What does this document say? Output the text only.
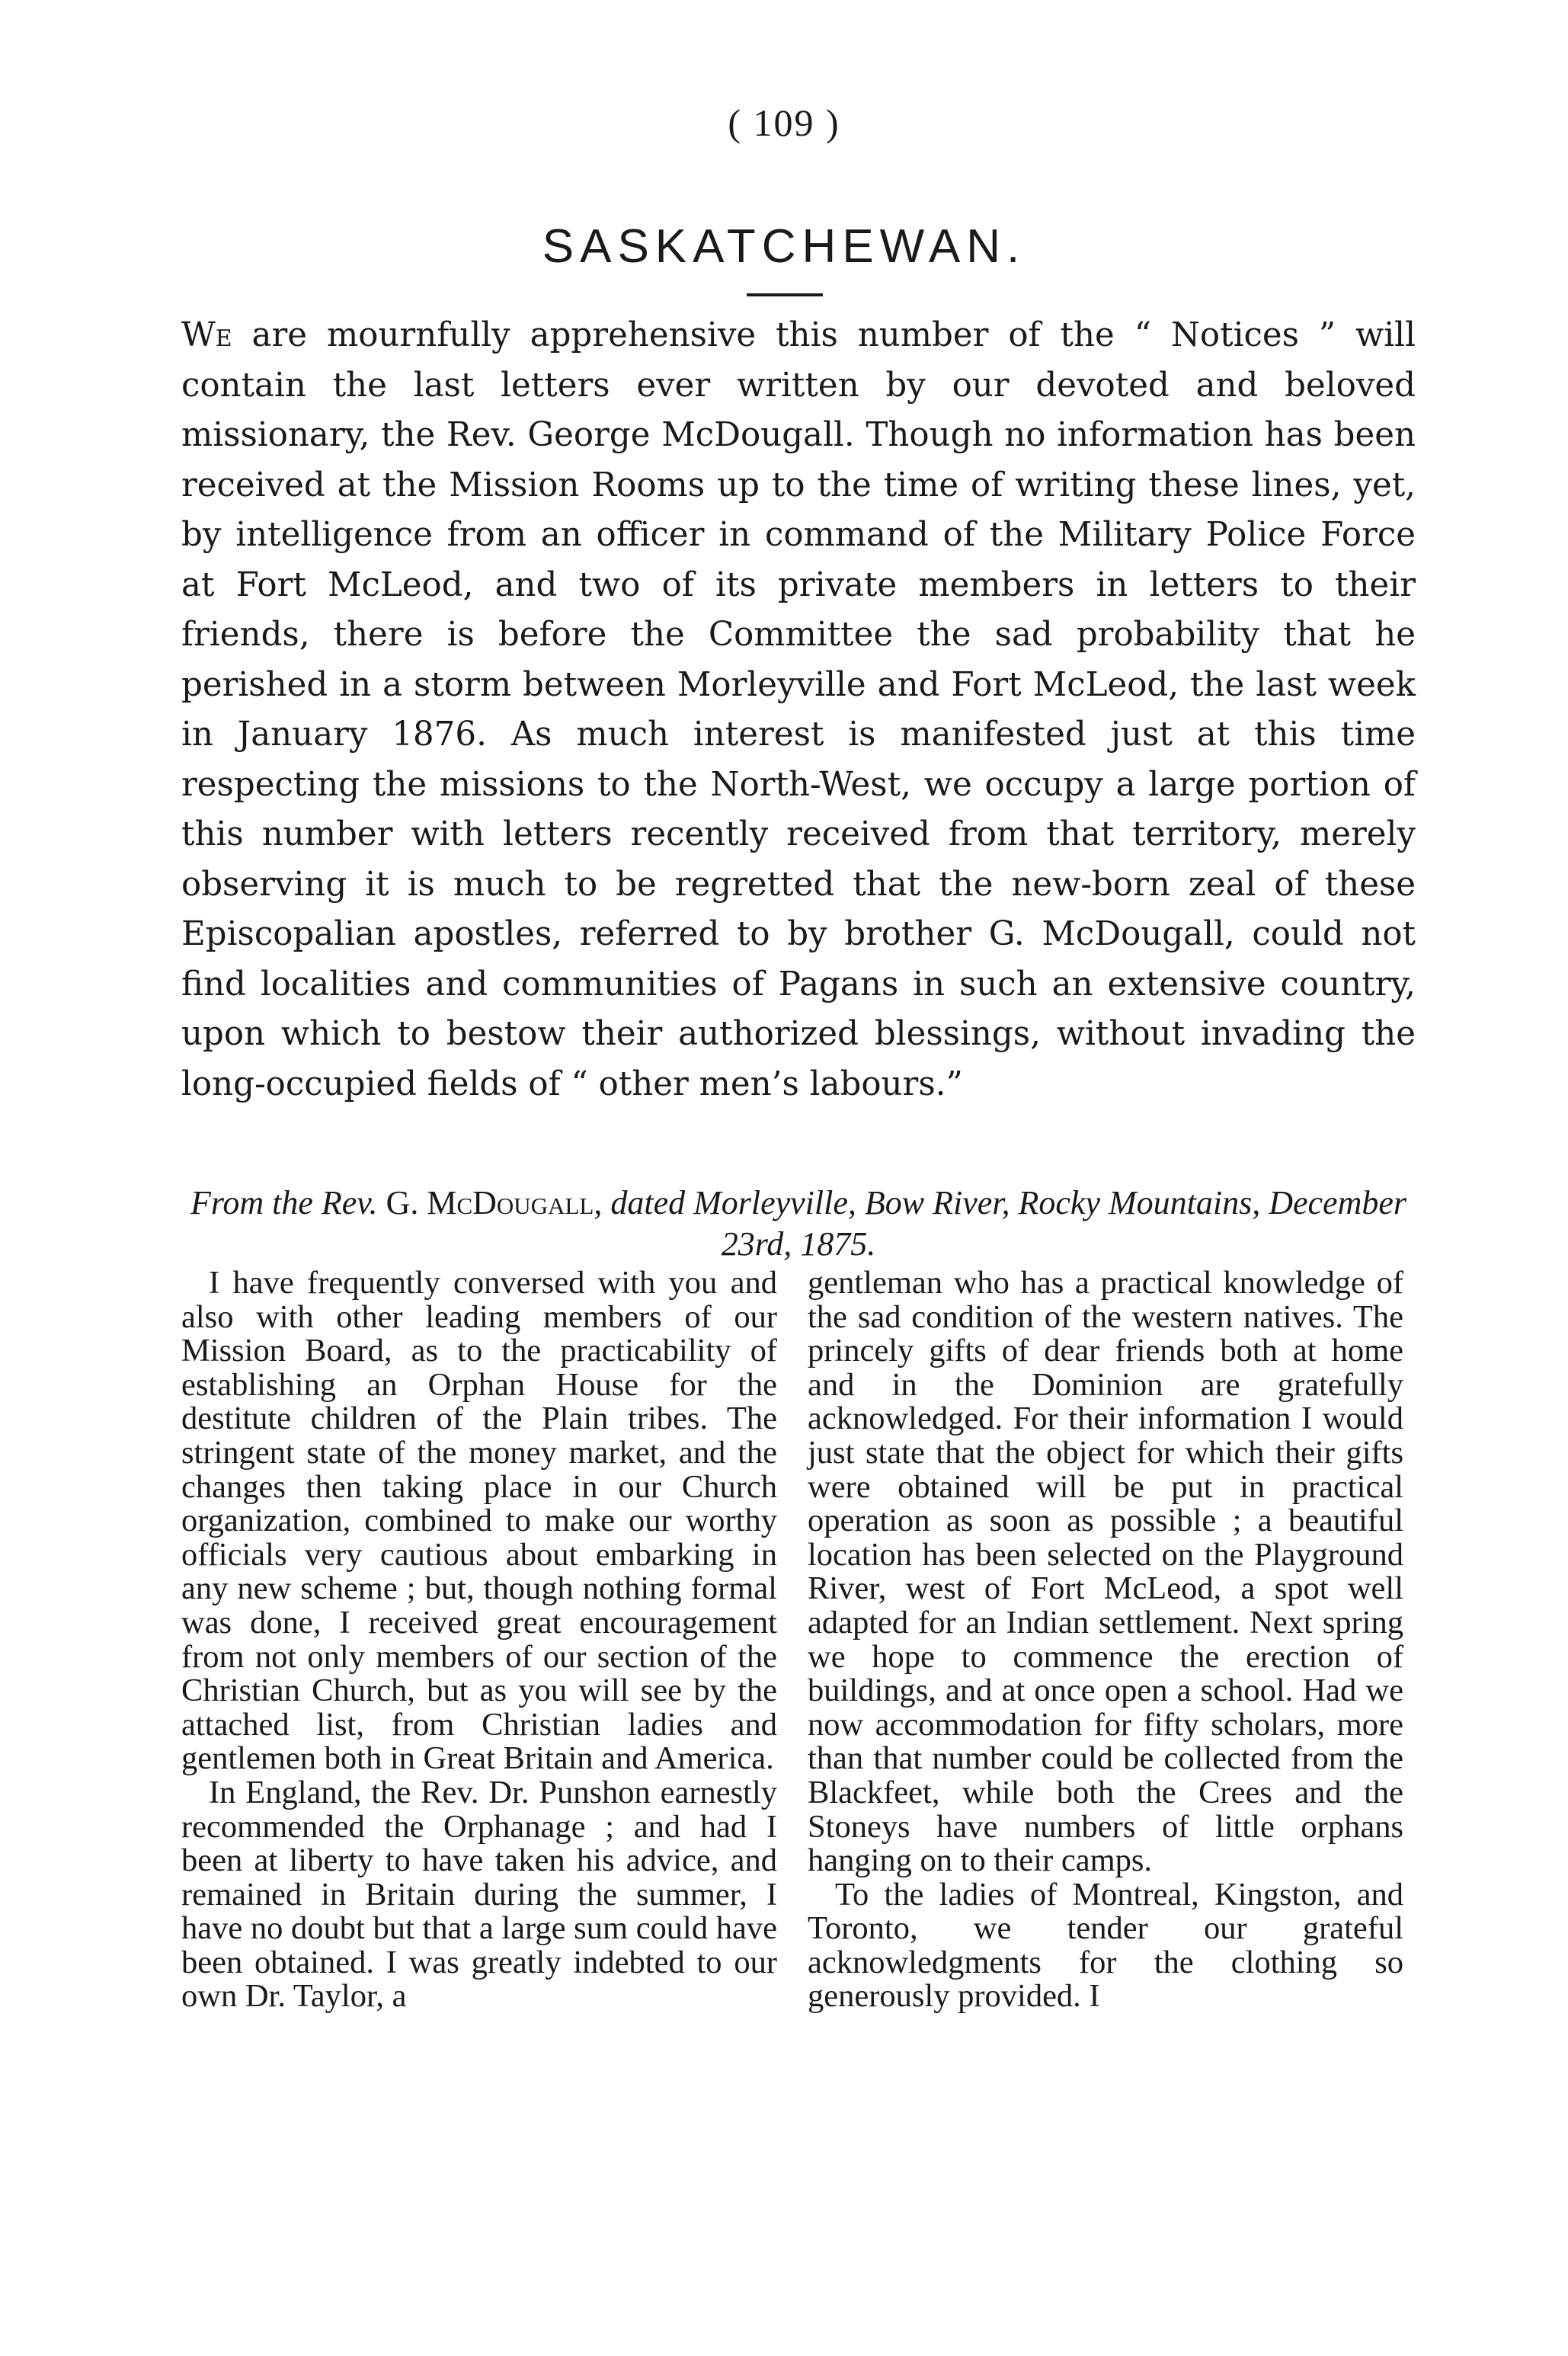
( 109 )
SASKATCHEWAN.

We are mournfully apprehensive this number of the “ Notices ” will contain the last letters ever written by our devoted and beloved missionary, the Rev. George McDougall. Though no information has been received at the Mission Rooms up to the time of writing these lines, yet, by intelligence from an officer in command of the Military Police Force at Fort McLeod, and two of its private members in letters to their friends, there is before the Committee the sad probability that he perished in a storm between Morleyville and Fort McLeod, the last week in January 1876. As much interest is manifested just at this time respecting the missions to the North-West, we occupy a large portion of this number with letters recently received from that territory, merely observing it is much to be regretted that the new-born zeal of these Episcopalian apostles, referred to by brother G. McDougall, could not find localities and communities of Pagans in such an extensive country, upon which to bestow their authorized blessings, without invading the long-occupied fields of “ other men’s labours.”

From the Rev. G. McDougall, dated Morleyville, Bow River, Rocky Mountains, December 23rd, 1875.

I have frequently conversed with you and also with other leading members of our Mission Board, as to the practicability of establishing an Orphan House for the destitute children of the Plain tribes. The stringent state of the money market, and the changes then taking place in our Church organization, combined to make our worthy officials very cautious about embarking in any new scheme ; but, though nothing formal was done, I received great encouragement from not only members of our section of the Christian Church, but as you will see by the attached list, from Christian ladies and gentlemen both in Great Britain and America.

In England, the Rev. Dr. Punshon earnestly recommended the Orphanage ; and had I been at liberty to have taken his advice, and remained in Britain during the summer, I have no doubt but that a large sum could have been obtained. I was greatly indebted to our own Dr. Taylor, a

gentleman who has a practical knowledge of the sad condition of the western natives. The princely gifts of dear friends both at home and in the Dominion are gratefully acknowledged. For their information I would just state that the object for which their gifts were obtained will be put in practical operation as soon as possible ; a beautiful location has been selected on the Playground River, west of Fort McLeod, a spot well adapted for an Indian settlement. Next spring we hope to commence the erection of buildings, and at once open a school. Had we now accommodation for fifty scholars, more than that number could be collected from the Blackfeet, while both the Crees and the Stoneys have numbers of little orphans hanging on to their camps.

To the ladies of Montreal, Kingston, and Toronto, we tender our grateful acknowledgments for the clothing so generously provided. I
